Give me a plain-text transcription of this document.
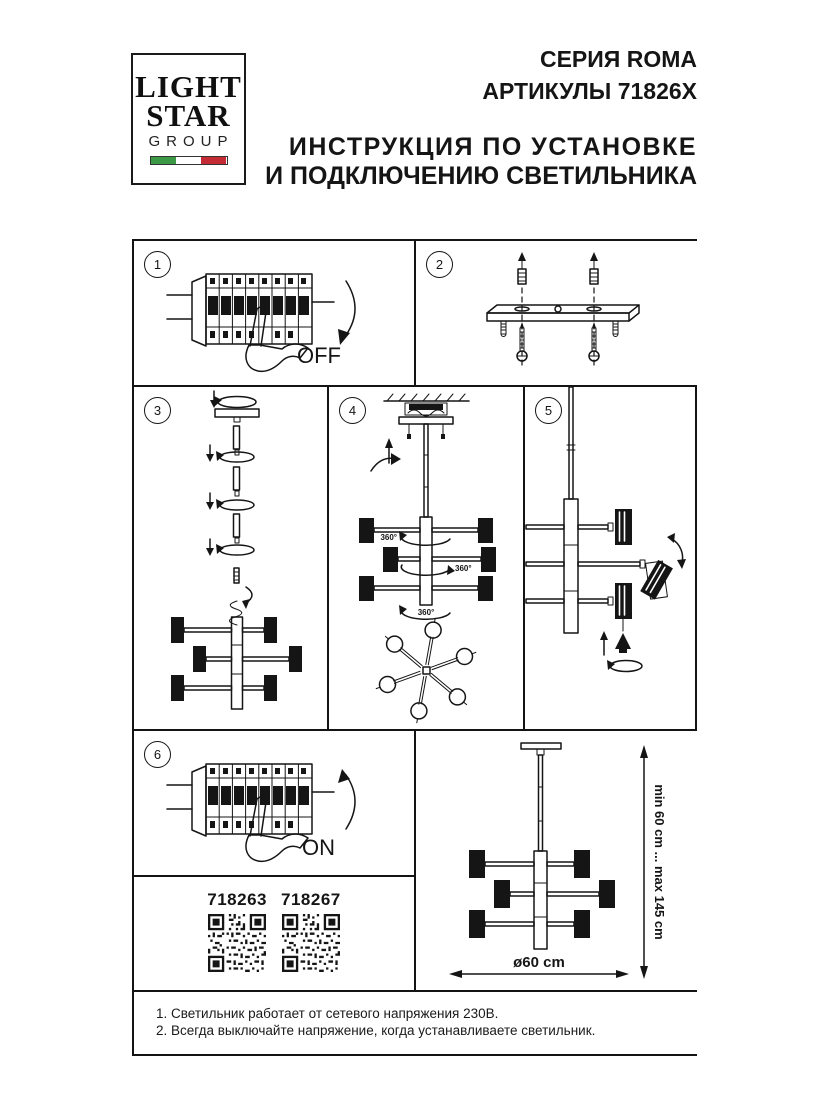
LIGHT
STAR
GROUP
СЕРИЯ ROMA
АРТИКУЛЫ 71826X
ИНСТРУКЦИЯ ПО УСТАНОВКЕ
И ПОДКЛЮЧЕНИЮ СВЕТИЛЬНИКА
1
OFF
2
3	4
360°
360°
360°
5
6
ON
718263 718267	min 60 cm ... max 145 cm
ø60 cm
1. Светильник работает от сетевого напряжения 230В.
2. Всегда выключайте напряжение, когда устанавливаете светильник.
